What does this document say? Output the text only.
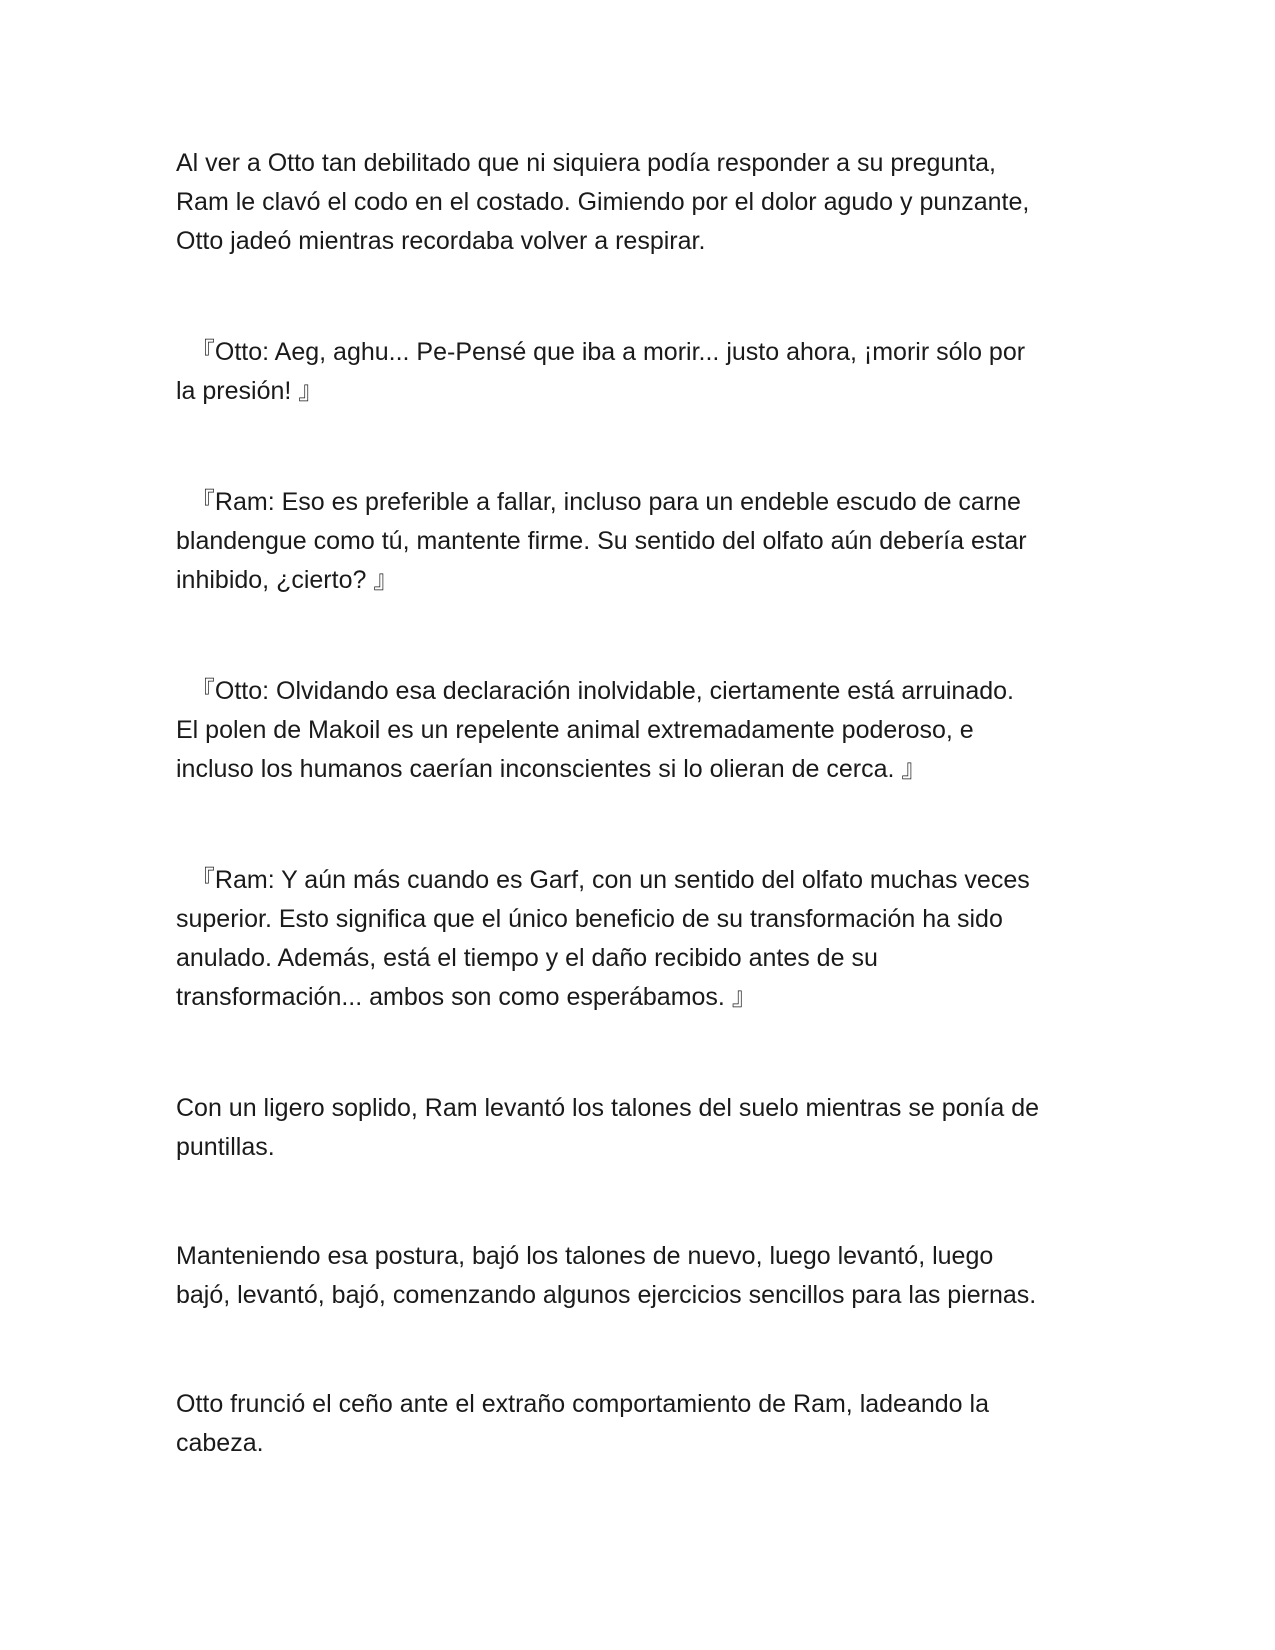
Al ver a Otto tan debilitado que ni siquiera podía responder a su pregunta,
Ram le clavó el codo en el costado. Gimiendo por el dolor agudo y punzante,
Otto jadeó mientras recordaba volver a respirar.

『Otto: Aeg, aghu... Pe-Pensé que iba a morir... justo ahora, ¡morir sólo por
la presión! 』

『Ram: Eso es preferible a fallar, incluso para un endeble escudo de carne
blandengue como tú, mantente firme. Su sentido del olfato aún debería estar
inhibido, ¿cierto? 』

『Otto: Olvidando esa declaración inolvidable, ciertamente está arruinado.
El polen de Makoil es un repelente animal extremadamente poderoso, e
incluso los humanos caerían inconscientes si lo olieran de cerca. 』

『Ram: Y aún más cuando es Garf, con un sentido del olfato muchas veces
superior. Esto significa que el único beneficio de su transformación ha sido
anulado. Además, está el tiempo y el daño recibido antes de su
transformación... ambos son como esperábamos. 』

Con un ligero soplido, Ram levantó los talones del suelo mientras se ponía de
puntillas.

Manteniendo esa postura, bajó los talones de nuevo, luego levantó, luego
bajó, levantó, bajó, comenzando algunos ejercicios sencillos para las piernas.

Otto frunció el ceño ante el extraño comportamiento de Ram, ladeando la
cabeza.
